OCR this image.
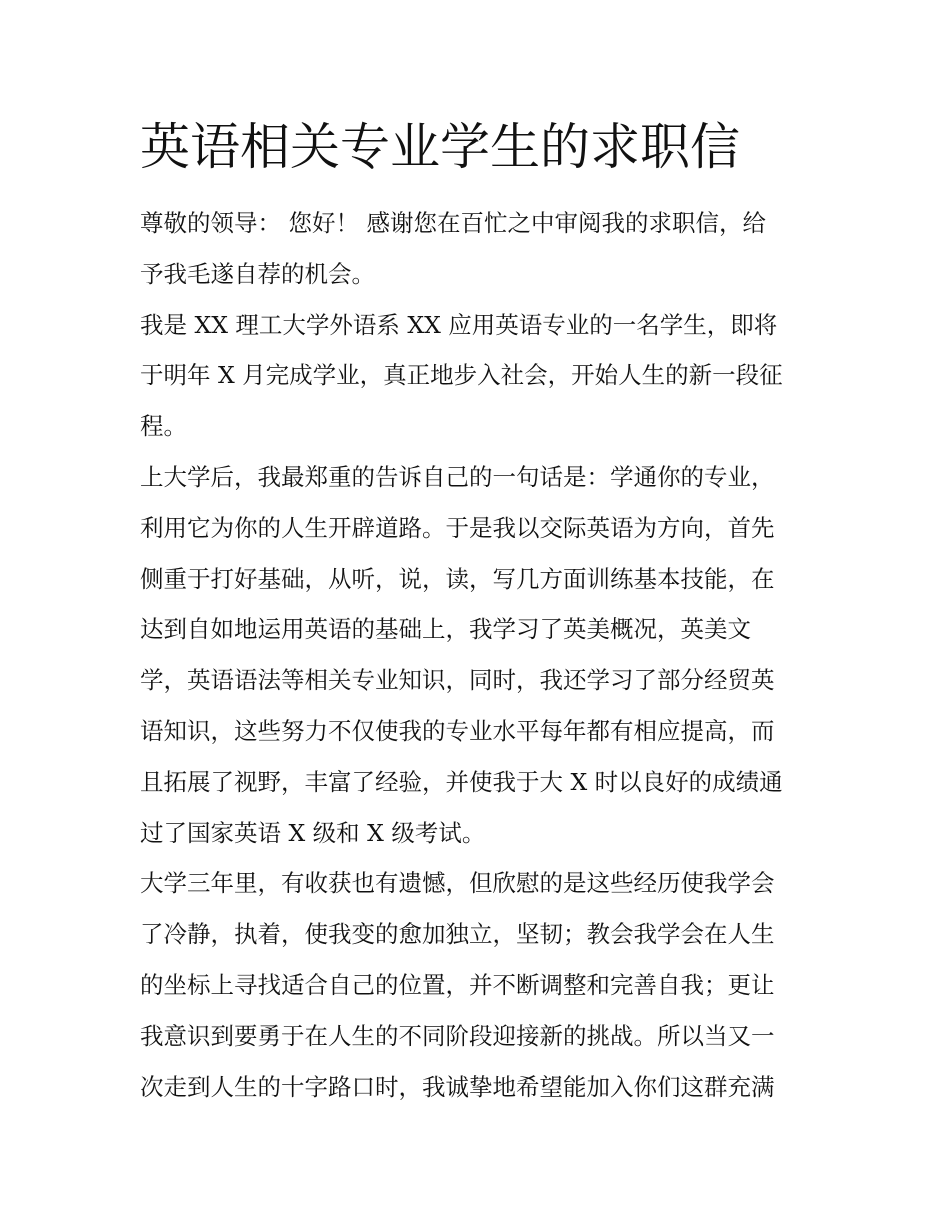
英语相关专业学生的求职信
尊敬的领导： 您好！ 感谢您在百忙之中审阅我的求职信，给
予我毛遂自荐的机会。
我是 XX 理工大学外语系 XX 应用英语专业的一名学生，即将
于明年 X 月完成学业，真正地步入社会，开始人生的新一段征
程。
上大学后，我最郑重的告诉自己的一句话是：学通你的专业，
利用它为你的人生开辟道路。于是我以交际英语为方向，首先
侧重于打好基础，从听，说，读，写几方面训练基本技能，在
达到自如地运用英语的基础上，我学习了英美概况，英美文
学，英语语法等相关专业知识，同时，我还学习了部分经贸英
语知识，这些努力不仅使我的专业水平每年都有相应提高，而
且拓展了视野，丰富了经验，并使我于大 X 时以良好的成绩通
过了国家英语 X 级和 X 级考试。
大学三年里，有收获也有遗憾，但欣慰的是这些经历使我学会
了冷静，执着，使我变的愈加独立，坚韧；教会我学会在人生
的坐标上寻找适合自己的位置，并不断调整和完善自我；更让
我意识到要勇于在人生的不同阶段迎接新的挑战。所以当又一
次走到人生的十字路口时，我诚挚地希望能加入你们这群充满
